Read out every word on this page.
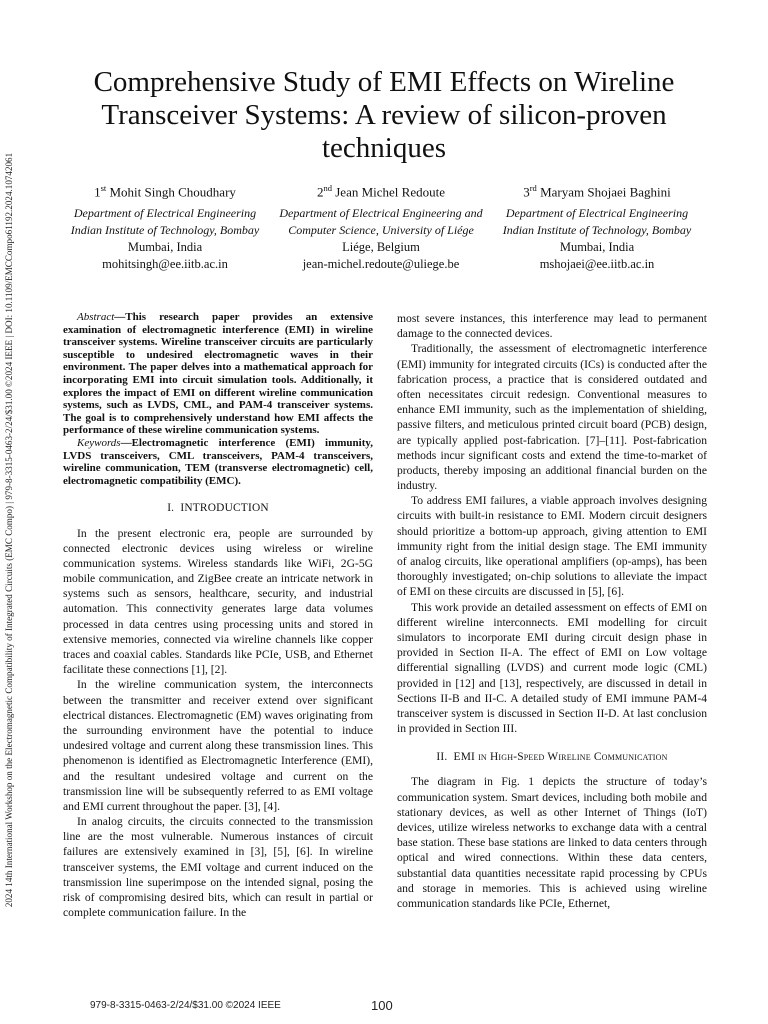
2024 14th International Workshop on the Electromagnetic Compatibility of Integrated Circuits (EMC Compo) | 979-8-3315-0463-2/24/$31.00 ©2024 IEEE | DOI: 10.1109/EMCCompo61192.2024.10742061
Comprehensive Study of EMI Effects on Wireline Transceiver Systems: A review of silicon-proven techniques
1st Mohit Singh Choudhary
Department of Electrical Engineering
Indian Institute of Technology, Bombay
Mumbai, India
mohitsingh@ee.iitb.ac.in
2nd Jean Michel Redoute
Department of Electrical Engineering and
Computer Science, University of Liége
Liége, Belgium
jean-michel.redoute@uliege.be
3rd Maryam Shojaei Baghini
Department of Electrical Engineering
Indian Institute of Technology, Bombay
Mumbai, India
mshojaei@ee.iitb.ac.in

Abstract—This research paper provides an extensive examination of electromagnetic interference (EMI) in wireline transceiver systems. Wireline transceiver circuits are particularly susceptible to undesired electromagnetic waves in their environment. The paper delves into a mathematical approach for incorporating EMI into circuit simulation tools. Additionally, it explores the impact of EMI on different wireline communication systems, such as LVDS, CML, and PAM-4 transceiver systems. The goal is to comprehensively understand how EMI affects the performance of these wireline communication systems.

Keywords—Electromagnetic interference (EMI) immunity, LVDS transceivers, CML transceivers, PAM-4 transceivers, wireline communication, TEM (transverse electromagnetic) cell, electromagnetic compatibility (EMC).

I. INTRODUCTION

In the present electronic era, people are surrounded by connected electronic devices using wireless or wireline communication systems. Wireless standards like WiFi, 2G-5G mobile communication, and ZigBee create an intricate network in systems such as sensors, healthcare, security, and industrial automation. This connectivity generates large data volumes processed in data centres using processing units and stored in extensive memories, connected via wireline channels like copper traces and coaxial cables. Standards like PCIe, USB, and Ethernet facilitate these connections [1], [2].

In the wireline communication system, the interconnects between the transmitter and receiver extend over significant electrical distances. Electromagnetic (EM) waves originating from the surrounding environment have the potential to induce undesired voltage and current along these transmission lines. This phenomenon is identified as Electromagnetic Interference (EMI), and the resultant undesired voltage and current on the transmission line will be subsequently referred to as EMI voltage and EMI current throughout the paper. [3], [4].

In analog circuits, the circuits connected to the transmission line are the most vulnerable. Numerous instances of circuit failures are extensively examined in [3], [5], [6]. In wireline transceiver systems, the EMI voltage and current induced on the transmission line superimpose on the intended signal, posing the risk of compromising desired bits, which can result in partial or complete communication failure. In the

most severe instances, this interference may lead to permanent damage to the connected devices.

Traditionally, the assessment of electromagnetic interference (EMI) immunity for integrated circuits (ICs) is conducted after the fabrication process, a practice that is considered outdated and often necessitates circuit redesign. Conventional measures to enhance EMI immunity, such as the implementation of shielding, passive filters, and meticulous printed circuit board (PCB) design, are typically applied post-fabrication. [7]–[11]. Post-fabrication methods incur significant costs and extend the time-to-market of products, thereby imposing an additional financial burden on the industry.

To address EMI failures, a viable approach involves designing circuits with built-in resistance to EMI. Modern circuit designers should prioritize a bottom-up approach, giving attention to EMI immunity right from the initial design stage. The EMI immunity of analog circuits, like operational amplifiers (op-amps), has been thoroughly investigated; on-chip solutions to alleviate the impact of EMI on these circuits are discussed in [5], [6].

This work provide an detailed assessment on effects of EMI on different wireline interconnects. EMI modelling for circuit simulators to incorporate EMI during circuit design phase in provided in Section II-A. The effect of EMI on Low voltage differential signalling (LVDS) and current mode logic (CML) provided in [12] and [13], respectively, are discussed in detail in Sections II-B and II-C. A detailed study of EMI immune PAM-4 transceiver system is discussed in Section II-D. At last conclusion in provided in Section III.

II. EMI in High-Speed Wireline Communication

The diagram in Fig. 1 depicts the structure of today’s communication system. Smart devices, including both mobile and stationary devices, as well as other Internet of Things (IoT) devices, utilize wireless networks to exchange data with a central base station. These base stations are linked to data centers through optical and wired connections. Within these data centers, substantial data quantities necessitate rapid processing by CPUs and storage in memories. This is achieved using wireline communication standards like PCIe, Ethernet,

979-8-3315-0463-2/24/$31.00 ©2024 IEEE	100
